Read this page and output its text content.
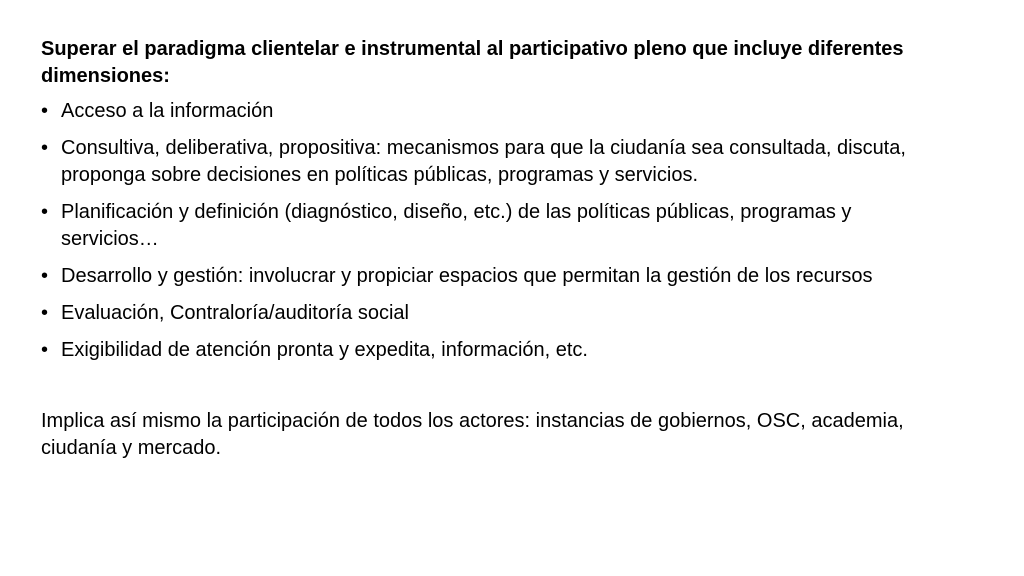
Superar el paradigma clientelar e instrumental al participativo pleno que incluye diferentes dimensiones:

• Acceso a la información
• Consultiva, deliberativa, propositiva: mecanismos para que la ciudanía sea consultada, discuta, proponga sobre decisiones en políticas públicas, programas y servicios.
• Planificación y definición (diagnóstico, diseño, etc.) de las políticas públicas, programas y servicios…
• Desarrollo y gestión: involucrar y propiciar espacios que permitan la gestión de los recursos
• Evaluación, Contraloría/auditoría social
• Exigibilidad de atención pronta y expedita, información, etc.

Implica así mismo la participación de todos los actores: instancias de gobiernos, OSC, academia, ciudanía y mercado.
